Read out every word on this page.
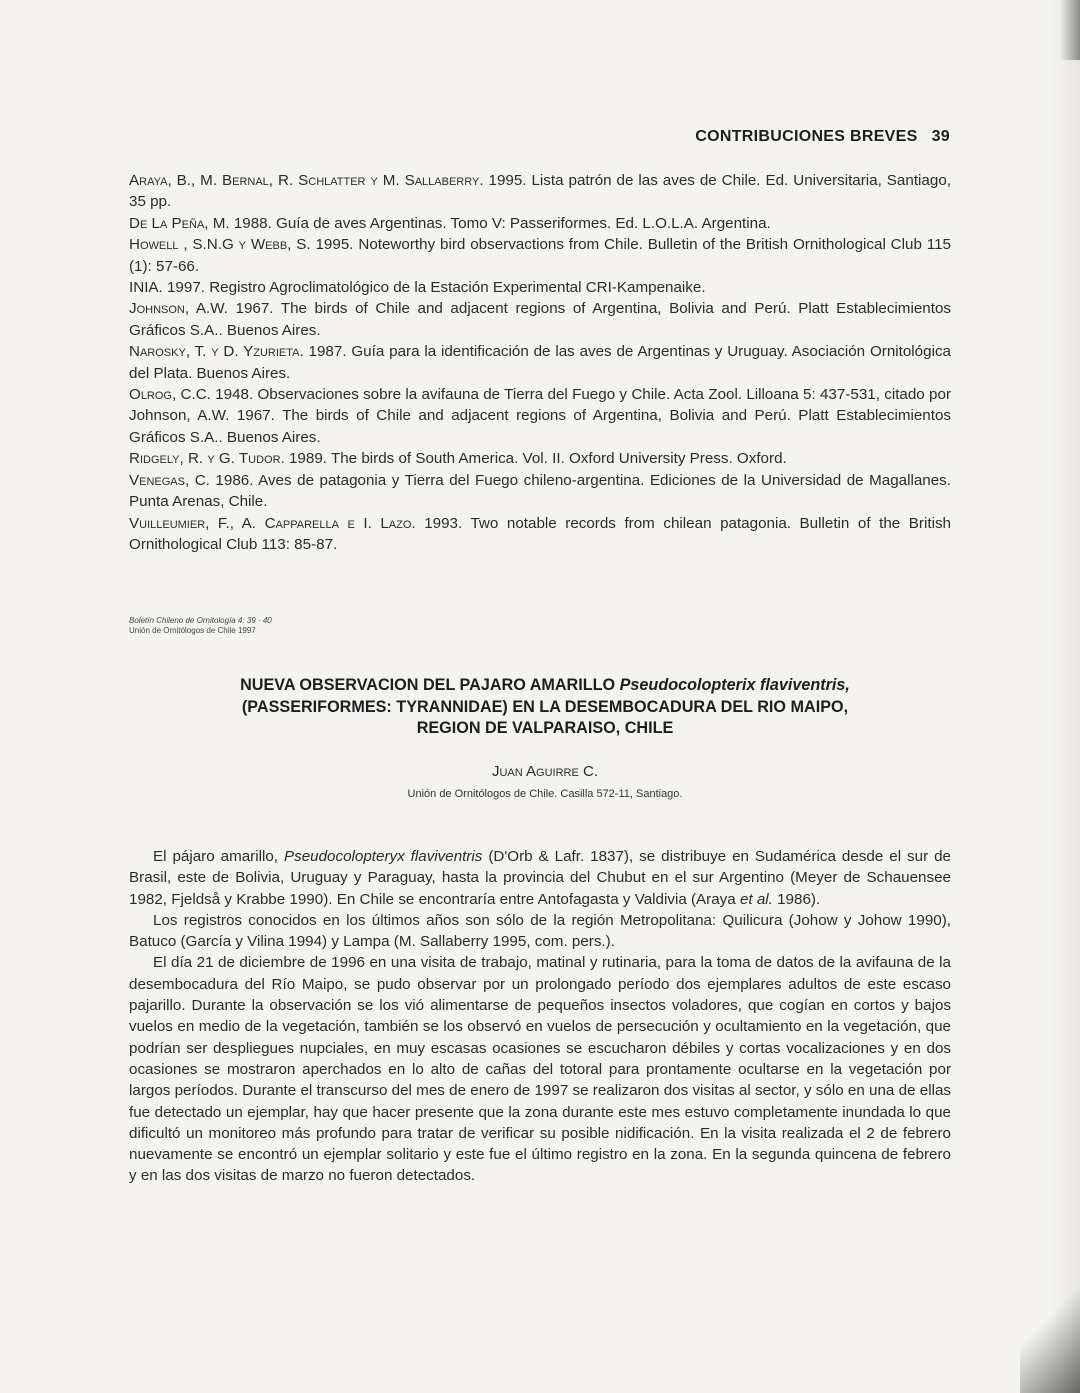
CONTRIBUCIONES BREVES 39

Araya, B., M. Bernal, R. Schlatter y M. Sallaberry. 1995. Lista patrón de las aves de Chile. Ed. Universitaria, Santiago, 35 pp.

De La Peña, M. 1988. Guía de aves Argentinas. Tomo V: Passeriformes. Ed. L.O.L.A. Argentina.

Howell , S.N.G y Webb, S. 1995. Noteworthy bird observactions from Chile. Bulletin of the British Ornithological Club 115 (1): 57-66.

INIA. 1997. Registro Agroclimatológico de la Estación Experimental CRI-Kampenaike.

Johnson, A.W. 1967. The birds of Chile and adjacent regions of Argentina, Bolivia and Perú. Platt Establecimientos Gráficos S.A.. Buenos Aires.

Narosky, T. y D. Yzurieta. 1987. Guía para la identificación de las aves de Argentinas y Uruguay. Asociación Ornitológica del Plata. Buenos Aires.

Olrog, C.C. 1948. Observaciones sobre la avifauna de Tierra del Fuego y Chile. Acta Zool. Lilloana 5: 437-531, citado por Johnson, A.W. 1967. The birds of Chile and adjacent regions of Argentina, Bolivia and Perú. Platt Establecimientos Gráficos S.A.. Buenos Aires.

Ridgely, R. y G. Tudor. 1989. The birds of South America. Vol. II. Oxford University Press. Oxford.

Venegas, C. 1986. Aves de patagonia y Tierra del Fuego chileno-argentina. Ediciones de la Universidad de Magallanes. Punta Arenas, Chile.

Vuilleumier, F., A. Capparella e I. Lazo. 1993. Two notable records from chilean patagonia. Bulletin of the British Ornithological Club 113: 85-87.

Boletín Chileno de Ornitología 4: 39 - 40
Unión de Ornitólogos de Chile 1997
NUEVA OBSERVACION DEL PAJARO AMARILLO Pseudocolopterix flaviventris,
(PASSERIFORMES: TYRANNIDAE) EN LA DESEMBOCADURA DEL RIO MAIPO,
REGION DE VALPARAISO, CHILE
Juan Aguirre C.
Unión de Ornitólogos de Chile. Casilla 572-11, Santiago.

El pájaro amarillo, Pseudocolopteryx flaviventris (D'Orb & Lafr. 1837), se distribuye en Sudamérica desde el sur de Brasil, este de Bolivia, Uruguay y Paraguay, hasta la provincia del Chubut en el sur Argentino (Meyer de Schauensee 1982, Fjeldså y Krabbe 1990). En Chile se encontraría entre Antofagasta y Valdivia (Araya et al. 1986).

Los registros conocidos en los últimos años son sólo de la región Metropolitana: Quilicura (Johow y Johow 1990), Batuco (García y Vilina 1994) y Lampa (M. Sallaberry 1995, com. pers.).

El día 21 de diciembre de 1996 en una visita de trabajo, matinal y rutinaria, para la toma de datos de la avifauna de la desembocadura del Río Maipo, se pudo observar por un prolongado período dos ejemplares adultos de este escaso pajarillo. Durante la observación se los vió alimentarse de pequeños insectos voladores, que cogían en cortos y bajos vuelos en medio de la vegetación, también se los observó en vuelos de persecución y ocultamiento en la vegetación, que podrían ser despliegues nupciales, en muy escasas ocasiones se escucharon débiles y cortas vocalizaciones y en dos ocasiones se mostraron aperchados en lo alto de cañas del totoral para prontamente ocultarse en la vegetación por largos períodos. Durante el transcurso del mes de enero de 1997 se realizaron dos visitas al sector, y sólo en una de ellas fue detectado un ejemplar, hay que hacer presente que la zona durante este mes estuvo completamente inundada lo que dificultó un monitoreo más profundo para tratar de verificar su posible nidificación. En la visita realizada el 2 de febrero nuevamente se encontró un ejemplar solitario y este fue el último registro en la zona. En la segunda quincena de febrero y en las dos visitas de marzo no fueron detectados.
